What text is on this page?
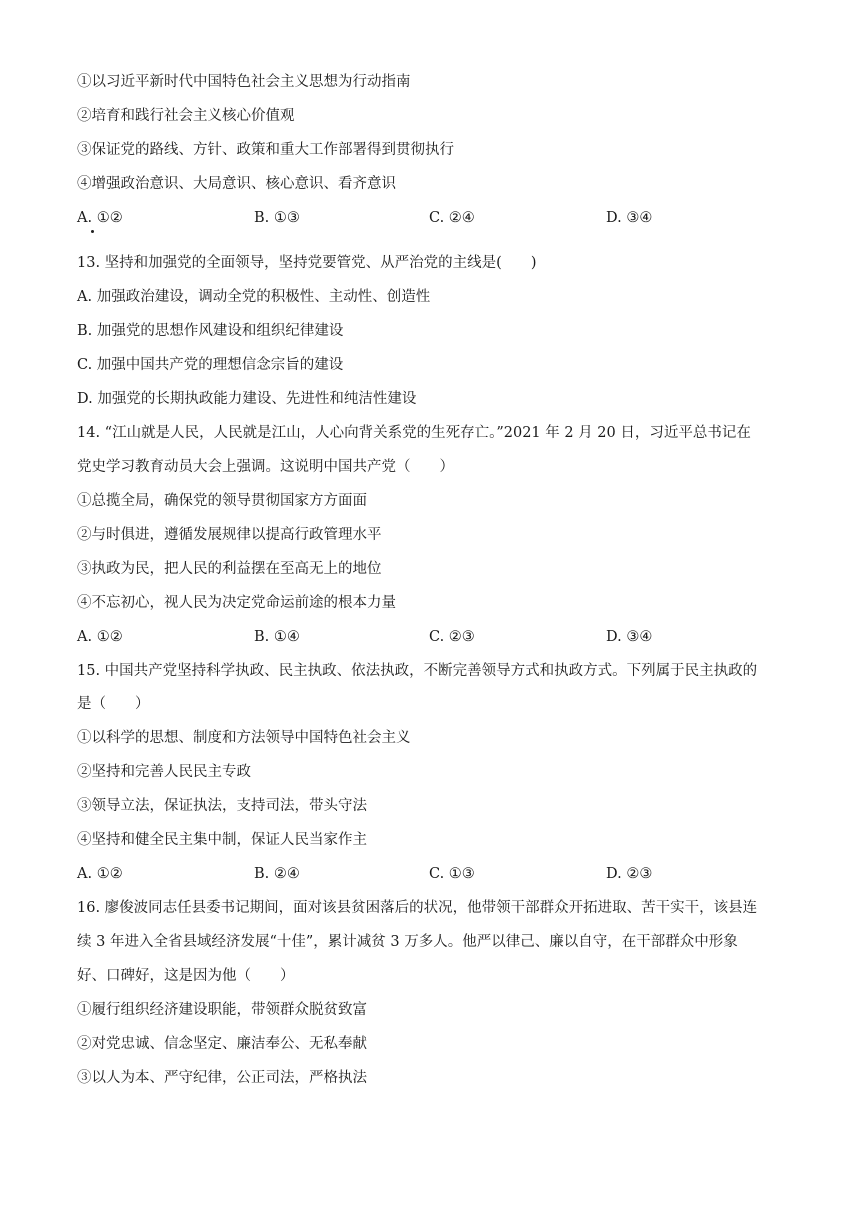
①以习近平新时代中国特色社会主义思想为行动指南
②培育和践行社会主义核心价值观
③保证党的路线、方针、政策和重大工作部署得到贯彻执行
④增强政治意识、大局意识、核心意识、看齐意识
A. ①②	B. ①③	C. ②④	D. ③④
13. 坚持和加强党的全面领导，坚持党要管党、从严治党的主线是(　　)
A. 加强政治建设，调动全党的积极性、主动性、创造性
B. 加强党的思想作风建设和组织纪律建设
C. 加强中国共产党的理想信念宗旨的建设
D. 加强党的长期执政能力建设、先进性和纯洁性建设
14. “江山就是人民，人民就是江山，人心向背关系党的生死存亡。”2021 年 2 月 20 日，习近平总书记在
党史学习教育动员大会上强调。这说明中国共产党（　　）
①总揽全局，确保党的领导贯彻国家方方面面
②与时俱进，遵循发展规律以提高行政管理水平
③执政为民，把人民的利益摆在至高无上的地位
④不忘初心，视人民为决定党命运前途的根本力量
A. ①②	B. ①④	C. ②③	D. ③④
15. 中国共产党坚持科学执政、民主执政、依法执政，不断完善领导方式和执政方式。下列属于民主执政的
是（　　）
①以科学的思想、制度和方法领导中国特色社会主义
②坚持和完善人民民主专政
③领导立法，保证执法，支持司法，带头守法
④坚持和健全民主集中制，保证人民当家作主
A. ①②	B. ②④	C. ①③	D. ②③
16. 廖俊波同志任县委书记期间，面对该县贫困落后的状况，他带领干部群众开拓进取、苦干实干，该县连
续 3 年进入全省县域经济发展“十佳”，累计减贫 3 万多人。他严以律己、廉以自守，在干部群众中形象
好、口碑好，这是因为他（　　）
①履行组织经济建设职能，带领群众脱贫致富
②对党忠诚、信念坚定、廉洁奉公、无私奉献
③以人为本、严守纪律，公正司法，严格执法
